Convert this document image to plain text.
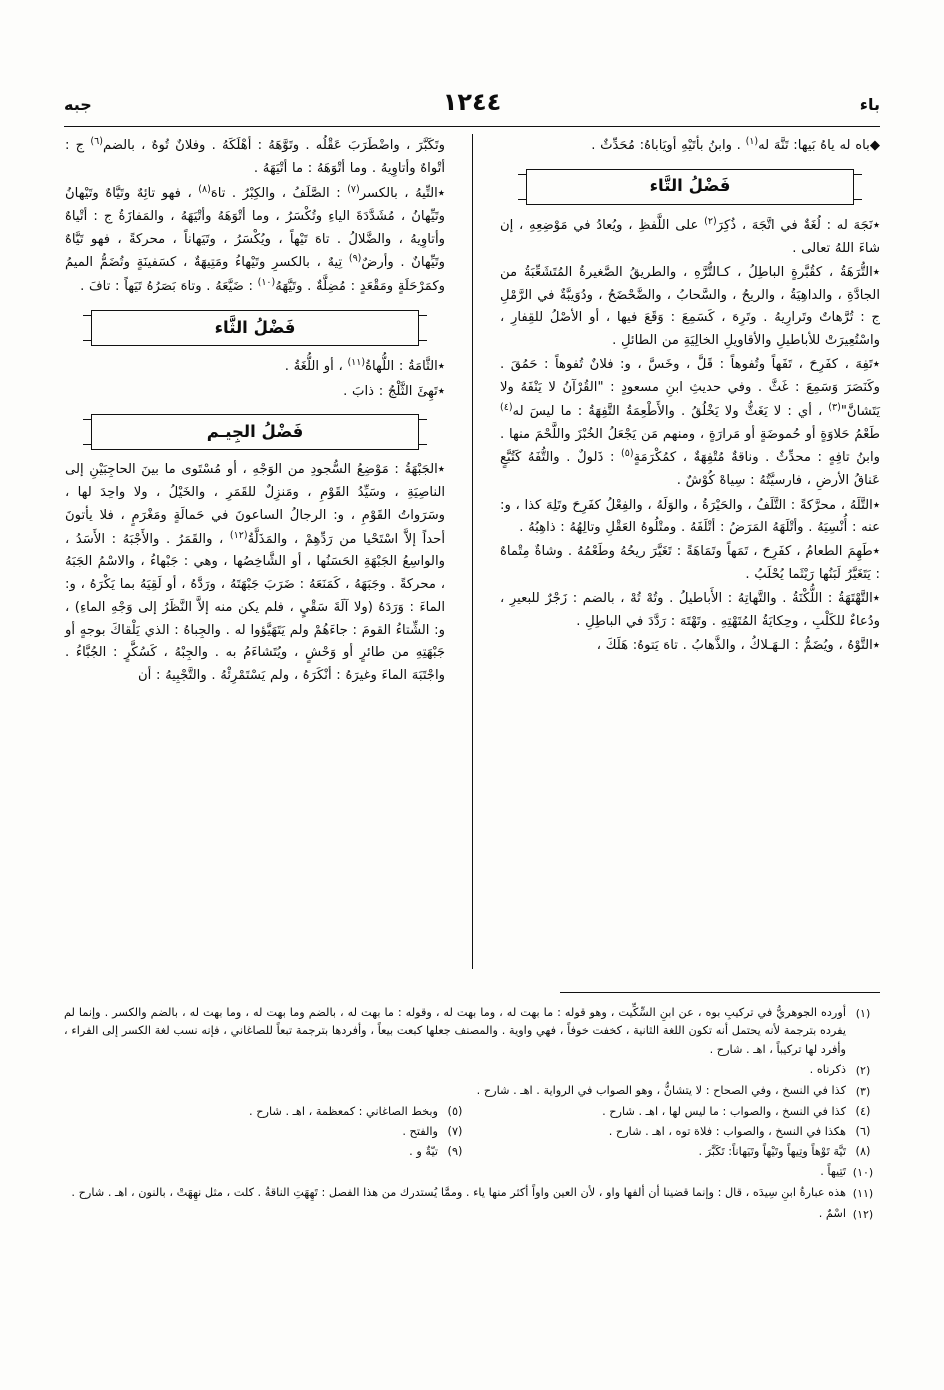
باء
١٢٤٤
جبه

◆باه له ياهُ بَيها: تَنَّهَ له$^{(١)}$ . وابنُ بأتَيْهِ أويَاباهُ: مُحَدِّثٌ .

فَضْلُ التَّاء

٭نَجَهَ له : لُغَةٌ في اتَّجَهَ ، ذُكِرَ$^{(٢)}$ على اللَّفظِ ، ويُعادُ في مَوْضِعِهِ ، إن شاءَ اللهُ تعالى .

٭التُّرَهَةُ ، كقُبَّرةٍ الباطِلُ ، كـالتُّرَّهِ ، والطريقُ الصَّغيرةُ المُتَشَعِّبَةُ من الجادَّةِ ، والداهِيَةُ ، والريحُ ، والسَّحابُ ، والضَّحْضَحُ ، ودُوَيبَّةٌ في الرَّمْلِ ج : تُرَّهاتٌ وتَرارِيهُ . وتَرِهَ ، كَسَمِعَ : وَقَعَ فيها ، أو الأصْلُ للقِفارِ ، واسْتُعِيرَتْ للأباطيلِ والأقاويلِ الخالِيَةِ من الطائلِ .

٭تَفِهَ ، كفَرِحَ ، تَفَهاً وتُفوهاً : قَلَّ ، وخَسَّ ، و: فلانٌ تُفوهاً : حَمُقَ . وكَنَصَرَ وَسَمِعَ : غَثَّ . وفي حديثِ ابنِ مسعودٍ : "القُرْآنُ لا يَنْفَهُ ولا يَتَشانَّ"$^{(٣)}$ ، أي : لا يَغَثُّ ولا يَخْلُقُ . والأَطْعِمَةُ التَّفِهَةُ : ما ليسَ له$^{(٤)}$ طَعْمُ حَلاوَةٍ أو حُموضَةٍ أو مَرارَةٍ ، ومنهم مَن يَجْعَلُ الخُبْزَ واللَّحْمَ منها . وابنُ تافِهٍ : محدِّثٌ . وناقةٌ مُتْفِهَةٌ ، كمُكْرَمَةٍ$^{(٥)}$ : ذَلولٌ . والتُّفَهُ كَتُبَّعٍ عَناقُ الأرضِ ، فارسيَّتُهُ : سِياهْ كُوْشٌ .

٭التَّلَهُ ، محرَّكةً : التَّلَفُ ، والحَيْرَةُ ، والوَلَهُ ، والفِعْلُ كفَرِحَ وتَلِهَ كذا ، و: عنه : أُنْسِيَهُ . وأتْلَهَهُ المَرَضُ : أتْلَفَهُ . ومتْلُوهُ العَقْلِ وتالِهُهُ : ذاهِبُهُ .

٭طَهِمَ الطعامُ ، كفَرِحَ ، تَمَهاً وتَمَاهَةً : تَغَيَّرَ ريحُهُ وطَعْمُهُ . وشاةٌ مِتْماهٌ : يَتَغَيَّرُ لَبَنُها رَيْثَما يُحْلَبُ .

٭التَّهْتَهَةُ : اللُّكْنَةُ . والتَّهاتِهُ : الأَباطيلُ . وتُهْ تُهْ ، بالضم : زَجْرٌ للبعيرِ ، ودُعاءٌ للكَلْبِ ، وحِكايَةُ المُتَهْتِهِ . وتَهْتَهَ : رَدَّدَ في الباطِلِ .

٭التَّوْهُ ، ويُضَمُّ : الـهَـلاكُ ، والذَّهابُ . تاهَ يَتوهُ: هَلَكَ ،

وتَكَبَّرَ ، واضْطَرَبَ عَقْلُه . وتَوَّهَهُ : أهْلَكَهُ . وفلانٌ تُوهٌ ، بالضم$^{(٦)}$ ج : أتْواهٌ وأتاوِيهُ . وما أتْوَهَهُ : ما أتْيَهَهُ .

٭التِّيهُ ، بالكسر$^{(٧)}$ : الصَّلَفُ ، والكِبْرُ . تاهَ$^{(٨)}$ ، فهو تائِهٌ وتَيَّاهٌ وتَيْهانُ وتَيِّهانُ ، مُشَدَّدَةَ الياءِ وتُكْسَرُ ، وما أتْوَهَهُ وأتْيَهَهُ ، والمَفازَةُ ج : أتْياهٌ وأتاوِيهُ ، والضَّلالُ . تاهَ تَيْهاً ، ويُكْسَرُ ، وتَيَهاناً ، محركةً ، فهو تَيَّاهٌ وتَيِّهانٌ . وأرضٌ$^{(٩)}$ تِيهٌ ، بالكسرِ وتَيْهاءُ ومَتِيهَةٌ ، كسَفينَةٍ وتُضَمُّ الميمُ وكمَرْحَلَةٍ ومَقْعَدٍ : مُضِلَّةٌ . وتَيَّهَهُ$^{(١٠)}$ : ضَيَّعَهُ . وتاهَ بَصَرُهُ تَيَهاً : تافَ .

فَضْلُ الثَّاء

٭الثَّامَةُ : اللُّهاةُ$^{(١١)}$ ، أو اللُّغَةُ .

٭تَهِئَ الثَّلْجُ : ذابَ .

فَضْلُ الجِيـم

٭الجَبْهَةُ : مَوْضِعُ السُّجودِ من الوَجْهِ ، أو مُسْتَوى ما بينَ الحاجِبَيْنِ إلى الناصِيَةِ ، وسَيِّدُ القَوْمِ ، ومَنزِلٌ للقَمَرِ ، والخَيْلُ ، ولا واحِدَ لها ، وسَرَواتُ القَوْمِ ، و: الرجالُ الساعونَ في حَمالَةٍ ومَغْرَمٍ ، فلا يأتونَ أحداً إلاَّ اسْتَحْيا من رَدِّهِمْ ، والمَذَلَّةُ$^{(١٢)}$ ، والقَمَرُ . والأَجْبَهُ : الأَسَدُ ، والواسِعُ الجَبْهَةِ الحَسَنُها ، أو الشَّاخِصُها ، وهي : جَبْهاءُ ، والاسْمُ الجَبَهُ ، محركةً . وجَبَهَهُ ، كَمَنَعَهُ : ضَرَبَ جَبْهَتَهُ ، ورَدَّهُ ، أو لَقِيَهُ بما يَكْرَهُ ، و: الماءَ : وَرَدَهُ (ولا آلَةَ سَقْيٍ ، فلم يكن منه إلاَّ النَّظَرُ إلى وَجْهِ الماءِ) ، و: الشِّتاءُ القومَ : جاءَهُمْ ولم يَتَهَيَّؤوا له . والجِباهُ : الذي يَلْقاكَ بوجهٍ أو جَبْهَتِهِ من طائرٍ أو وَحْشٍ ، ويُتَشاءَمُ به . والجِبْهُ ، كَسُكَّرٍ : الجُبَّاءُ . واجْتَبَهَ الماءَ وغيرَهُ : أنْكَرَهُ ، ولم يَسْتَمْرِئْهُ . والتَّجْبِيهُ : أن

(١)
أورده الجوهريُّ في تركيبِ بوه ، عن ابنِ السِّكِّيت ، وهو قوله : ما بهت له ، وما بهت له ، وقوله : ما بهت له ، بالضم وما بهت له ، وما بهت له ، بالضم والكسر . وإنما لم يفرده بترجمة لأنه يحتمل أنه تكون اللغة الثانية ، كخفت خوفاً ، فهي واوية . والمصنف جعلها كبعت بيعاً ، وأفردها بترجمة تبعاً للصاغاني ، فإنه نسب لغة الكسر إلى الفراء ، وأفرد لها تركيباً ، اهـ . شارح .
(٢)
ذكرناه .
(٣)
كذا في النسخ ، وفي الصحاح : لا يتشانُّ ، وهو الصواب في الرواية . اهـ . شارح .
(٤)
كذا في النسخ ، والصواب : ما ليس لها ، اهـ . شارح .
(٥)
وبخط الصاغاني : كمعظمة ، اهـ . شارح .
(٦)
هكذا في النسخ ، والصواب : فلاة توه ، اهـ . شارح .
(٧)
والفتح .
(٨)
تَيَّهَ تَوْهاً وتِيهاً وتَيْهاً وتَيَهاناً: تَكَبَّرَ .
(٩)
تيّةٌ و .
(١٠)
تَتِيهاً .
(١١)
هذه عبارةُ ابنِ سِيدَه ، قال : وإنما قضينا أن ألفها واو ، لأن العين واواً أكثر منها ياء . وممَّا يُستدرك من هذا الفصل : تَهِهَتِ الناقةُ . كلت ، مثل نهِهَتْ ، بالنون ، اهـ . شارح .
(١٢)
اسْمٌ .
